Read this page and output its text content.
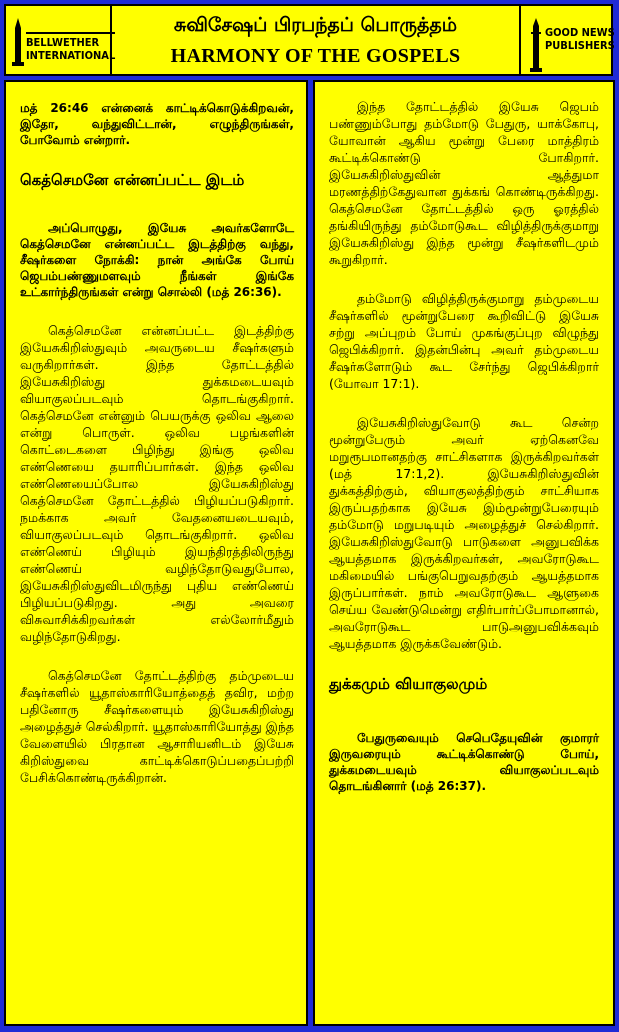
BELLWETHER
INTERNATIONAL
சுவிசேஷப் பிரபந்தப் பொருத்தம்
HARMONY OF THE GOSPELS
GOOD NEWS
PUBLISHERS

மத் 26:46 என்னைக் காட்டிக்கொடுக்கிறவன், இதோ, வந்துவிட்டான், எழுந்திருங்கள், போவோம் என்றார்.

கெத்செமனே என்னப்பட்ட இடம்

அப்பொழுது, இயேசு அவர்களோடே கெத்செமனே என்னப்பட்ட இடத்திற்கு வந்து, சீஷர்களை நோக்கி: நான் அங்கே போய் ஜெபம்பண்ணுமளவும் நீங்கள் இங்கே உட்கார்ந்திருங்கள் என்று சொல்லி (மத் 26:36).

கெத்செமனே என்னப்பட்ட இடத்திற்கு இயேசுகிறிஸ்துவும் அவருடைய சீஷர்களும் வருகிறார்கள். இந்த தோட்டத்தில் இயேசுகிறிஸ்து துக்கமடையவும் வியாகுலப்படவும் தொடங்குகிறார். கெத்செமனே என்னும் பெயருக்கு ஒலிவ ஆலை என்று பொருள். ஒலிவ பழங்களின் கொட்டைகளை பிழிந்து இங்கு ஒலிவ எண்ணெயை தயாரிப்பார்கள். இந்த ஒலிவ எண்ணெயைப்போல இயேசுகிறிஸ்து கெத்செமனே தோட்டத்தில் பிழியப்படுகிறார். நமக்காக அவர் வேதனையடையவும், வியாகுலப்படவும் தொடங்குகிறார். ஒலிவ எண்ணெய் பிழியும் இயந்திரத்திலிருந்து எண்ணெய் வழிந்தோடுவதுபோல, இயேசுகிறிஸ்துவிடமிருந்து புதிய எண்ணெய் பிழியப்படுகிறது. அது அவரை விசுவாசிக்கிறவர்கள் எல்லோர்மீதும் வழிந்தோடுகிறது.

கெத்செமனே தோட்டத்திற்கு தம்முடைய சீஷர்களில் யூதாஸ்காரியோத்தைத் தவிர, மற்ற பதினோரு சீஷர்களையும் இயேசுகிறிஸ்து அழைத்துச் செல்கிறார். யூதாஸ்காரியோத்து இந்த வேளையில் பிரதான ஆசாரியனிடம் இயேசு கிறிஸ்துவை காட்டிக்கொடுப்பதைப்பற்றி பேசிக்கொண்டிருக்கிறான்.

இந்த தோட்டத்தில் இயேசு ஜெபம் பண்ணும்போது தம்மோடு பேதுரு, யாக்கோபு, யோவான் ஆகிய மூன்று பேரை மாத்திரம் கூட்டிக்கொண்டு போகிறார். இயேசுகிறிஸ்துவின் ஆத்துமா மரணத்திற்கேதுவான துக்கங் கொண்டிருக்கிறது. கெத்செமனே தோட்டத்தில் ஒரு ஓரத்தில் தங்கியிருந்து தம்மோடுகூட விழித்திருக்குமாறு இயேசுகிறிஸ்து இந்த மூன்று சீஷர்களிடமும் கூறுகிறார்.

தம்மோடு விழித்திருக்குமாறு தம்முடைய சீஷர்களில் மூன்றுபேரை கூறிவிட்டு இயேசு சற்று அப்புறம் போய் முகங்குப்புற விழுந்து ஜெபிக்கிறார். இதன்பின்பு அவர் தம்முடைய சீஷர்களோடும் கூட சேர்ந்து ஜெபிக்கிறார் (யோவா 17:1).

இயேசுகிறிஸ்துவோடு கூட சென்ற மூன்றுபேரும் அவர் ஏற்கெனவே மறுரூபமானதற்கு சாட்சிகளாக இருக்கிறவர்கள் (மத் 17:1,2). இயேசுகிறிஸ்துவின் துக்கத்திற்கும், வியாகுலத்திற்கும் சாட்சியாக இருப்பதற்காக இயேசு இம்மூன்றுபேரையும் தம்மோடு மறுபடியும் அழைத்துச் செல்கிறார். இயேசுகிறிஸ்துவோடு பாடுகளை அனுபவிக்க ஆயத்தமாக இருக்கிறவர்கள், அவரோடுகூட மகிமையில் பங்குபெறுவதற்கும் ஆயத்தமாக இருப்பார்கள். நாம் அவரோடுகூட ஆளுகை செய்ய வேண்டுமென்று எதிர்பார்ப்போமானால், அவரோடுகூட பாடுஅனுபவிக்கவும் ஆயத்தமாக இருக்கவேண்டும்.

துக்கமும் வியாகுலமும்

பேதுருவையும் செபெதேயுவின் குமாரர் இருவரையும் கூட்டிக்கொண்டு போய், துக்கமடையவும் வியாகுலப்படவும் தொடங்கினார் (மத் 26:37).
